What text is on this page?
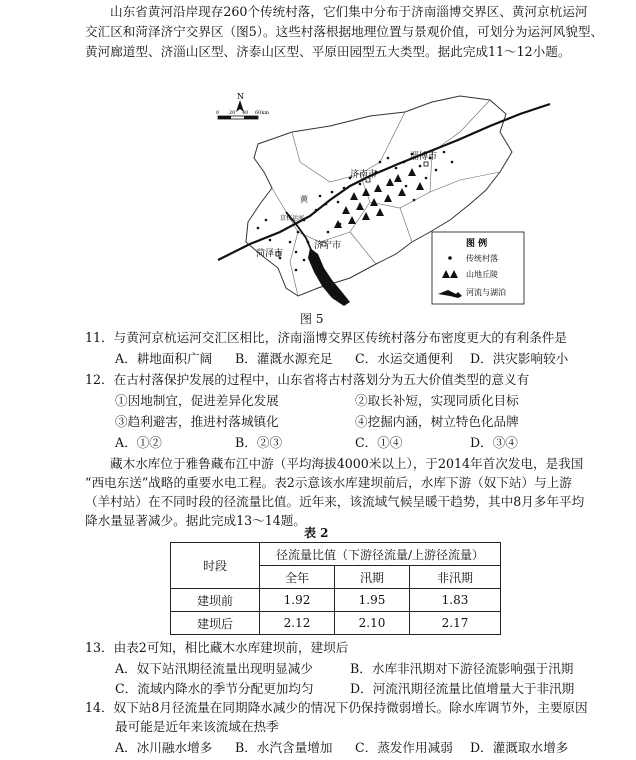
山东省黄河沿岸现存260个传统村落，它们集中分布于济南淄博交界区、黄河京杭运河
交汇区和菏泽济宁交界区（图5）。这些村落根据地理位置与景观价值，可划分为运河风貌型、
黄河廊道型、济淄山区型、济泰山区型、平原田园型五大类型。据此完成11～12小题。
N
0 20 40 60km
济南市
淄博市
菏泽市
济宁市
黄
京杭运河
图 例
传统村落
山地丘陵
河流与湖泊
图 5
11．与黄河京杭运河交汇区相比，济南淄博交界区传统村落分布密度更大的有利条件是
A．耕地面积广阔 B．灌溉水源充足 C．水运交通便利 D．洪灾影响较小
12．在古村落保护发展的过程中，山东省将古村落划分为五大价值类型的意义有
①因地制宜，促进差异化发展	②取长补短，实现同质化目标
③趋利避害，推进村落城镇化	④挖掘内涵，树立特色化品牌
A．①②	B．②③	C．①④	D．③④
藏木水库位于雅鲁藏布江中游（平均海拔4000米以上），于2014年首次发电，是我国
“西电东送”战略的重要水电工程。表2示意该水库建坝前后，水库下游（奴下站）与上游
（羊村站）在不同时段的径流量比值。近年来，该流域气候呈暖干趋势，其中8月多年平均
降水量显著减少。据此完成13～14题。
表 2
时段	径流量比值（下游径流量/上游径流量）		
	全年	汛期	非汛期
建坝前	1.92	1.95	1.83
建坝后	2.12	2.10	2.17
13．由表2可知，相比藏木水库建坝前，建坝后
A．奴下站汛期径流量出现明显减少	B．水库非汛期对下游径流影响强于汛期
C．流域内降水的季节分配更加均匀	D．河流汛期径流量比值增量大于非汛期
14．奴下站8月径流量在同期降水减少的情况下仍保持微弱增长。除水库调节外，主要原因
最可能是近年来该流域在热季
A．冰川融水增多 B．水汽含量增加 C．蒸发作用减弱 D．灌溉取水增多
